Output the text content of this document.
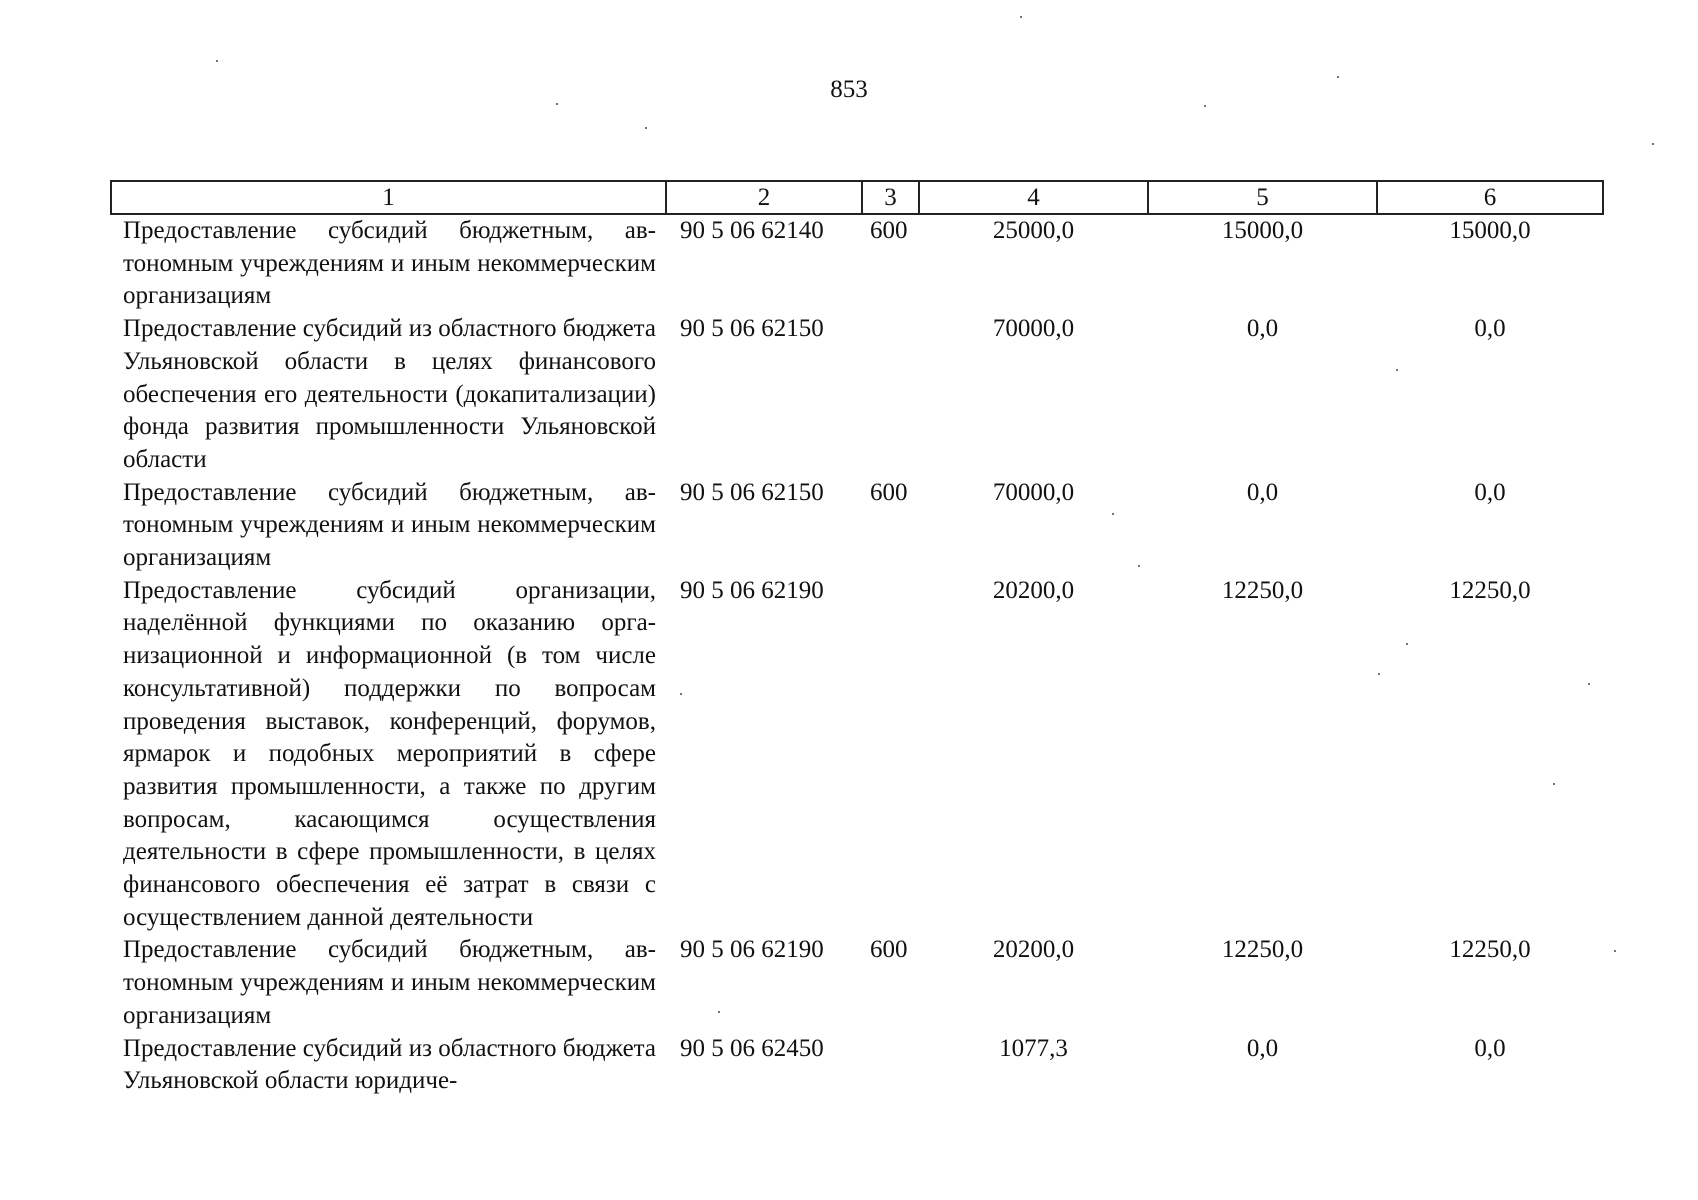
853
1	2	3	4	5	6
Предоставление субсидий бюджетным, автономным учреждениям и иным некоммерческим организациям	90 5 06 62140	600	25000,0	15000,0	15000,0
Предоставление субсидий из областного бюджета Ульяновской области в целях финансового обеспечения его деятельности (докапитализации) фонда развития промышленности Ульяновской области	90 5 06 62150		70000,0	0,0	0,0
Предоставление субсидий бюджетным, автономным учреждениям и иным некоммерческим организациям	90 5 06 62150	600	70000,0	0,0	0,0
Предоставление субсидий организации, наделённой функциями по оказанию организационной и информационной (в том числе консультативной) поддержки по вопросам проведения выставок, конференций, форумов, ярмарок и подобных мероприятий в сфере развития промышленности, а также по другим вопросам, касающимся осуществления деятельности в сфере промышленности, в целях финансового обеспечения её затрат в связи с осуществлением данной деятельности	90 5 06 62190		20200,0	12250,0	12250,0
Предоставление субсидий бюджетным, автономным учреждениям и иным некоммерческим организациям	90 5 06 62190	600	20200,0	12250,0	12250,0
Предоставление субсидий из областного бюджета Ульяновской области юридиче-	90 5 06 62450		1077,3	0,0	0,0
